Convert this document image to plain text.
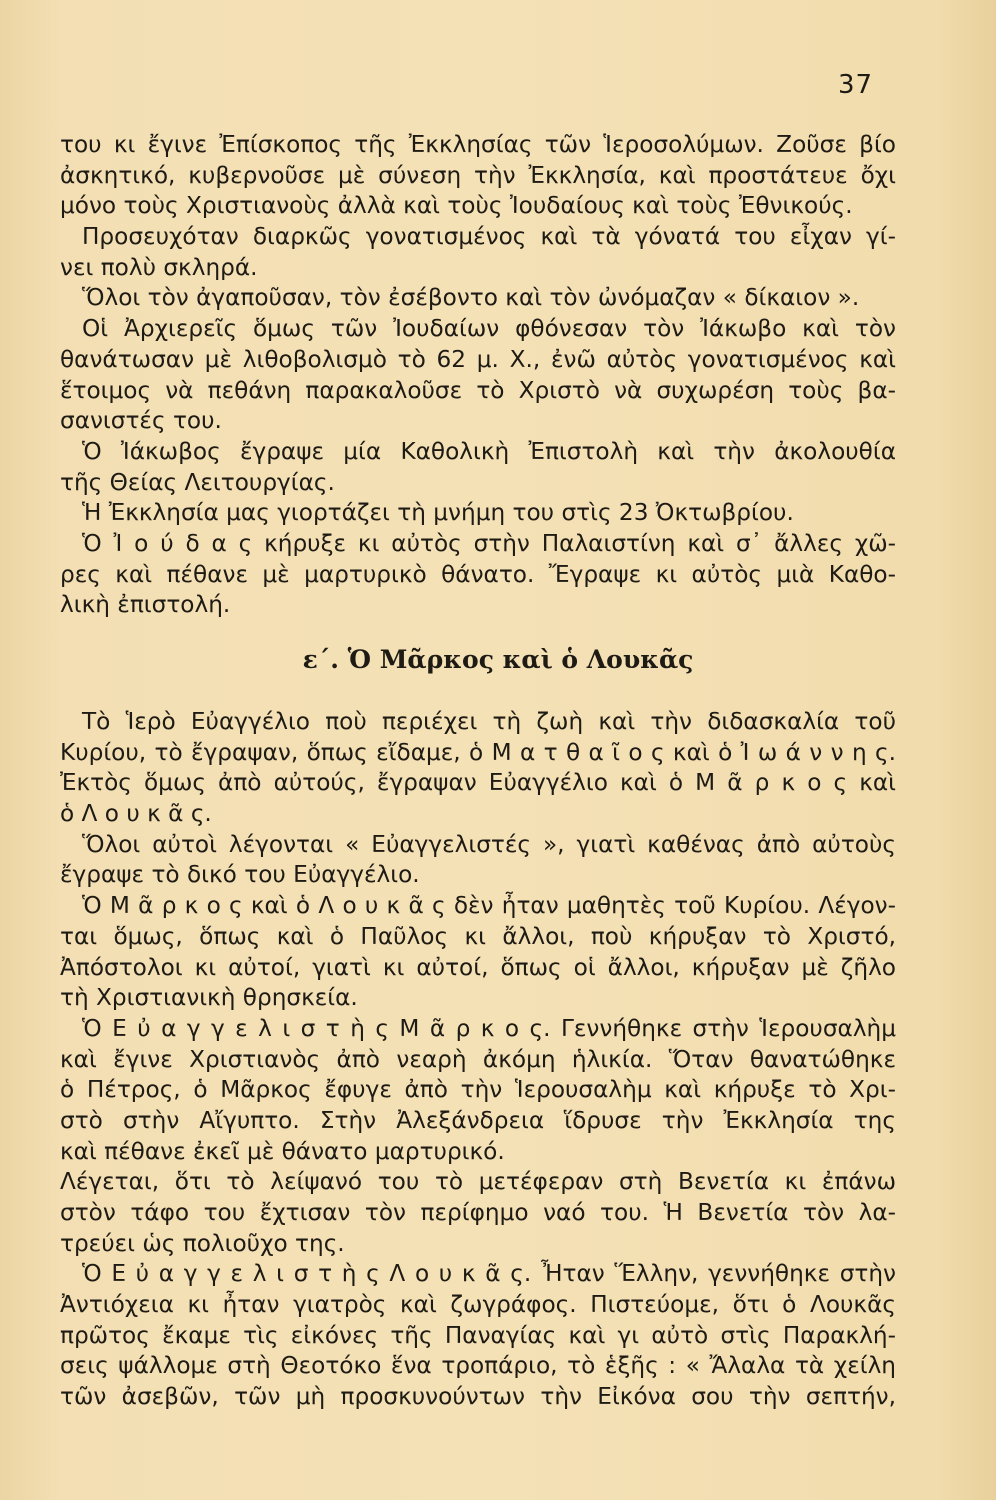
37
του κι ἔγινε Ἐπίσκοπος τῆς Ἐκκλησίας τῶν Ἱεροσολύμων. Ζοῦσε βίο
ἀσκητικό, κυβερνοῦσε μὲ σύνεση τὴν Ἐκκλησία, καὶ προστάτευε ὄχι
μόνο τοὺς Χριστιανοὺς ἀλλὰ καὶ τοὺς Ἰουδαίους καὶ τοὺς Ἐθνικούς.
Προσευχόταν διαρκῶς γονατισμένος καὶ τὰ γόνατά του εἶχαν γί-
νει πολὺ σκληρά.
Ὅλοι τὸν ἀγαποῦσαν, τὸν ἐσέβοντο καὶ τὸν ὠνόμαζαν « δίκαιον ».
Οἱ Ἀρχιερεῖς ὅμως τῶν Ἰουδαίων φθόνεσαν τὸν Ἰάκωβο καὶ τὸν
θανάτωσαν μὲ λιθοβολισμὸ τὸ 62 μ. Χ., ἐνῶ αὐτὸς γονατισμένος καὶ
ἕτοιμος νὰ πεθάνη παρακαλοῦσε τὸ Χριστὸ νὰ συχωρέση τοὺς βα-
σανιστές του.
Ὁ Ἰάκωβος ἔγραψε μία Καθολικὴ Ἐπιστολὴ καὶ τὴν ἀκολουθία
τῆς Θείας Λειτουργίας.
Ἡ Ἐκκλησία μας γιορτάζει τὴ μνήμη του στὶς 23 Ὀκτωβρίου.
Ὁ Ἰ ο ύ δ α ς κήρυξε κι αὐτὸς στὴν Παλαιστίνη καὶ σ᾽ ἄλλες χῶ-
ρες καὶ πέθανε μὲ μαρτυρικὸ θάνατο. Ἔγραψε κι αὐτὸς μιὰ Καθο-
λικὴ ἐπιστολή.
ε΄. Ὁ Μᾶρκος καὶ ὁ Λουκᾶς
Τὸ Ἱερὸ Εὐαγγέλιο ποὺ περιέχει τὴ ζωὴ καὶ τὴν διδασκαλία τοῦ
Κυρίου, τὸ ἔγραψαν, ὅπως εἴδαμε, ὁ Μ α τ θ α ῖ ο ς καὶ ὁ Ἰ ω ά ν ν η ς.
Ἐκτὸς ὅμως ἀπὸ αὐτούς, ἔγραψαν Εὐαγγέλιο καὶ ὁ Μ ᾶ ρ κ ο ς καὶ
ὁ Λ ο υ κ ᾶ ς.
Ὅλοι αὐτοὶ λέγονται « Εὐαγγελιστές », γιατὶ καθένας ἀπὸ αὐτοὺς
ἔγραψε τὸ δικό του Εὐαγγέλιο.
Ὁ Μ ᾶ ρ κ ο ς καὶ ὁ Λ ο υ κ ᾶ ς δὲν ἦταν μαθητὲς τοῦ Κυρίου. Λέγον-
ται ὅμως, ὅπως καὶ ὁ Παῦλος κι ἄλλοι, ποὺ κήρυξαν τὸ Χριστό,
Ἀπόστολοι κι αὐτοί, γιατὶ κι αὐτοί, ὅπως οἱ ἄλλοι, κήρυξαν μὲ ζῆλο
τὴ Χριστιανικὴ θρησκεία.
Ὁ Ε ὐ α γ γ ε λ ι σ τ ὴ ς Μ ᾶ ρ κ ο ς. Γεννήθηκε στὴν Ἱερουσαλὴμ
καὶ ἔγινε Χριστιανὸς ἀπὸ νεαρὴ ἀκόμη ἡλικία. Ὅταν θανατώθηκε
ὁ Πέτρος, ὁ Μᾶρκος ἔφυγε ἀπὸ τὴν Ἱερουσαλὴμ καὶ κήρυξε τὸ Χρι-
στὸ στὴν Αἴγυπτο. Στὴν Ἀλεξάνδρεια ἵδρυσε τὴν Ἐκκλησία της
καὶ πέθανε ἐκεῖ μὲ θάνατο μαρτυρικό.
Λέγεται, ὅτι τὸ λείψανό του τὸ μετέφεραν στὴ Βενετία κι ἐπάνω
στὸν τάφο του ἔχτισαν τὸν περίφημο ναό του. Ἡ Βενετία τὸν λα-
τρεύει ὡς πολιοῦχο της.
Ὁ Ε ὐ α γ γ ε λ ι σ τ ὴ ς Λ ο υ κ ᾶ ς. Ἦταν Ἕλλην, γεννήθηκε στὴν
Ἀντιόχεια κι ἦταν γιατρὸς καὶ ζωγράφος. Πιστεύομε, ὅτι ὁ Λουκᾶς
πρῶτος ἔκαμε τὶς εἰκόνες τῆς Παναγίας καὶ γι αὐτὸ στὶς Παρακλή-
σεις ψάλλομε στὴ Θεοτόκο ἕνα τροπάριο, τὸ ἑξῆς : « Ἄλαλα τὰ χείλη
τῶν ἀσεβῶν, τῶν μὴ προσκυνούντων τὴν Εἰκόνα σου τὴν σεπτήν,
